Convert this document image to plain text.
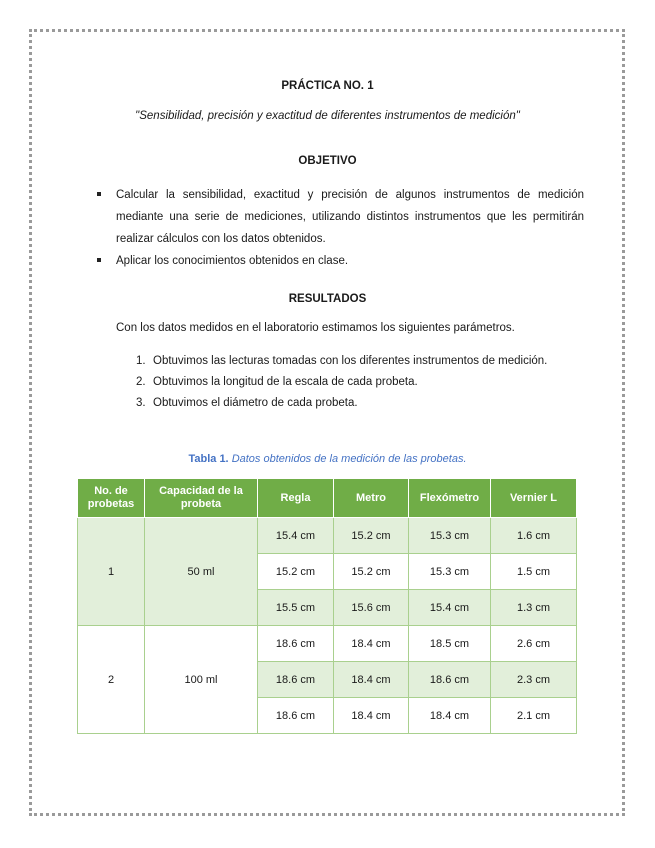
PRÁCTICA NO. 1
"Sensibilidad, precisión y exactitud de diferentes instrumentos de medición"
OBJETIVO
Calcular la sensibilidad, exactitud y precisión de algunos instrumentos de medición mediante una serie de mediciones, utilizando distintos instrumentos que les permitirán realizar cálculos con los datos obtenidos.
Aplicar los conocimientos obtenidos en clase.
RESULTADOS
Con los datos medidos en el laboratorio estimamos los siguientes parámetros.
1. Obtuvimos las lecturas tomadas con los diferentes instrumentos de medición.
2. Obtuvimos la longitud de la escala de cada probeta.
3. Obtuvimos el diámetro de cada probeta.
Tabla 1. Datos obtenidos de la medición de las probetas.
No. de probetas	Capacidad de la probeta	Regla	Metro	Flexómetro	Vernier L
1	50 ml	15.4 cm	15.2 cm	15.3 cm	1.6 cm
		15.2 cm	15.2 cm	15.3 cm	1.5 cm
		15.5 cm	15.6 cm	15.4 cm	1.3 cm
2	100 ml	18.6 cm	18.4 cm	18.5 cm	2.6 cm
		18.6 cm	18.4 cm	18.6 cm	2.3 cm
		18.6 cm	18.4 cm	18.4 cm	2.1 cm
